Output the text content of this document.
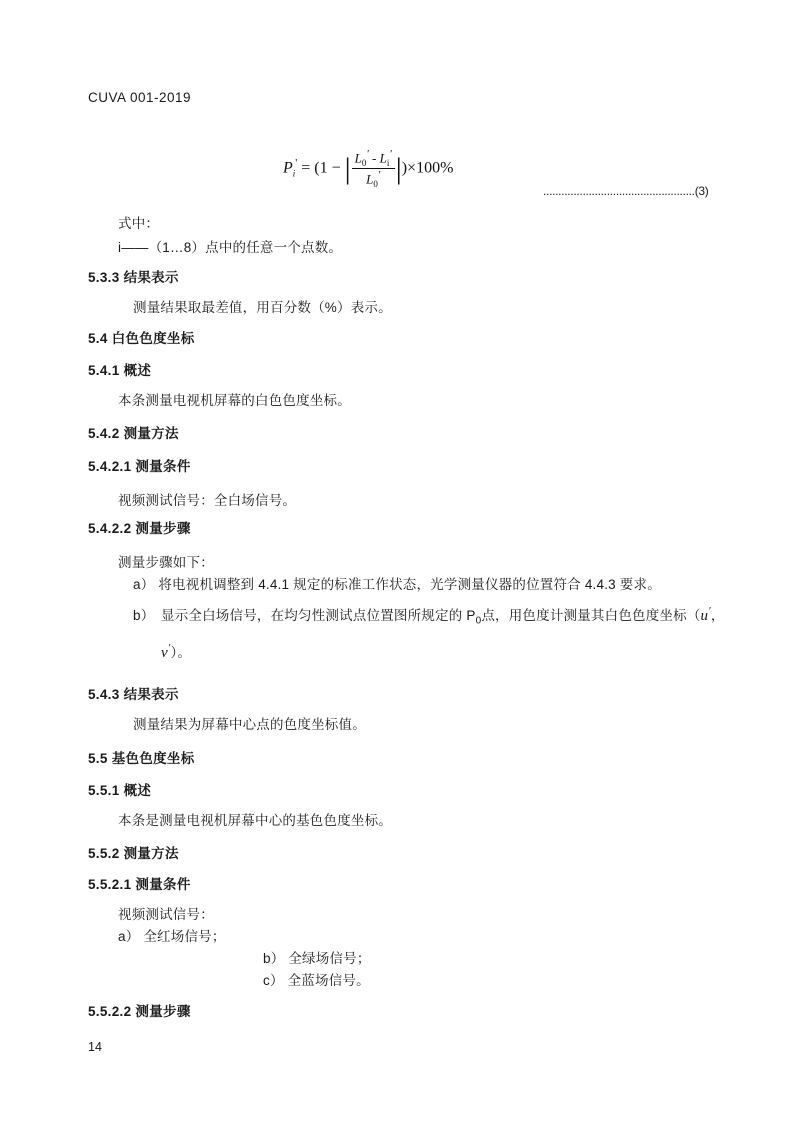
CUVA 001-2019
$P_i' = (1$ − | $\frac{L_0' - L_i'}{L_0'} |)\times 100\%$
..................................................(3)
b） 显示全白场信号，在均匀性测试点位置图所规定的 $P_0$点，用色度计测量其白色色度坐标（u′，
v′）。
14
式中：
i——（1…8）点中的任意一个点数。
5.3.3 结果表示
测量结果取最差值，用百分数（%）表示。
5.4 白色色度坐标
5.4.1 概述
本条测量电视机屏幕的白色色度坐标。
5.4.2 测量方法
5.4.2.1 测量条件
视频测试信号：全白场信号。
5.4.2.2 测量步骤
测量步骤如下：
a） 将电视机调整到 4.4.1 规定的标准工作状态，光学测量仪器的位置符合 4.4.3 要求。
5.4.3 结果表示
测量结果为屏幕中心点的色度坐标值。
5.5 基色色度坐标
5.5.1 概述
本条是测量电视机屏幕中心的基色色度坐标。
5.5.2 测量方法
5.5.2.1 测量条件
视频测试信号：
a） 全红场信号；
b） 全绿场信号；
c） 全蓝场信号。
5.5.2.2 测量步骤
